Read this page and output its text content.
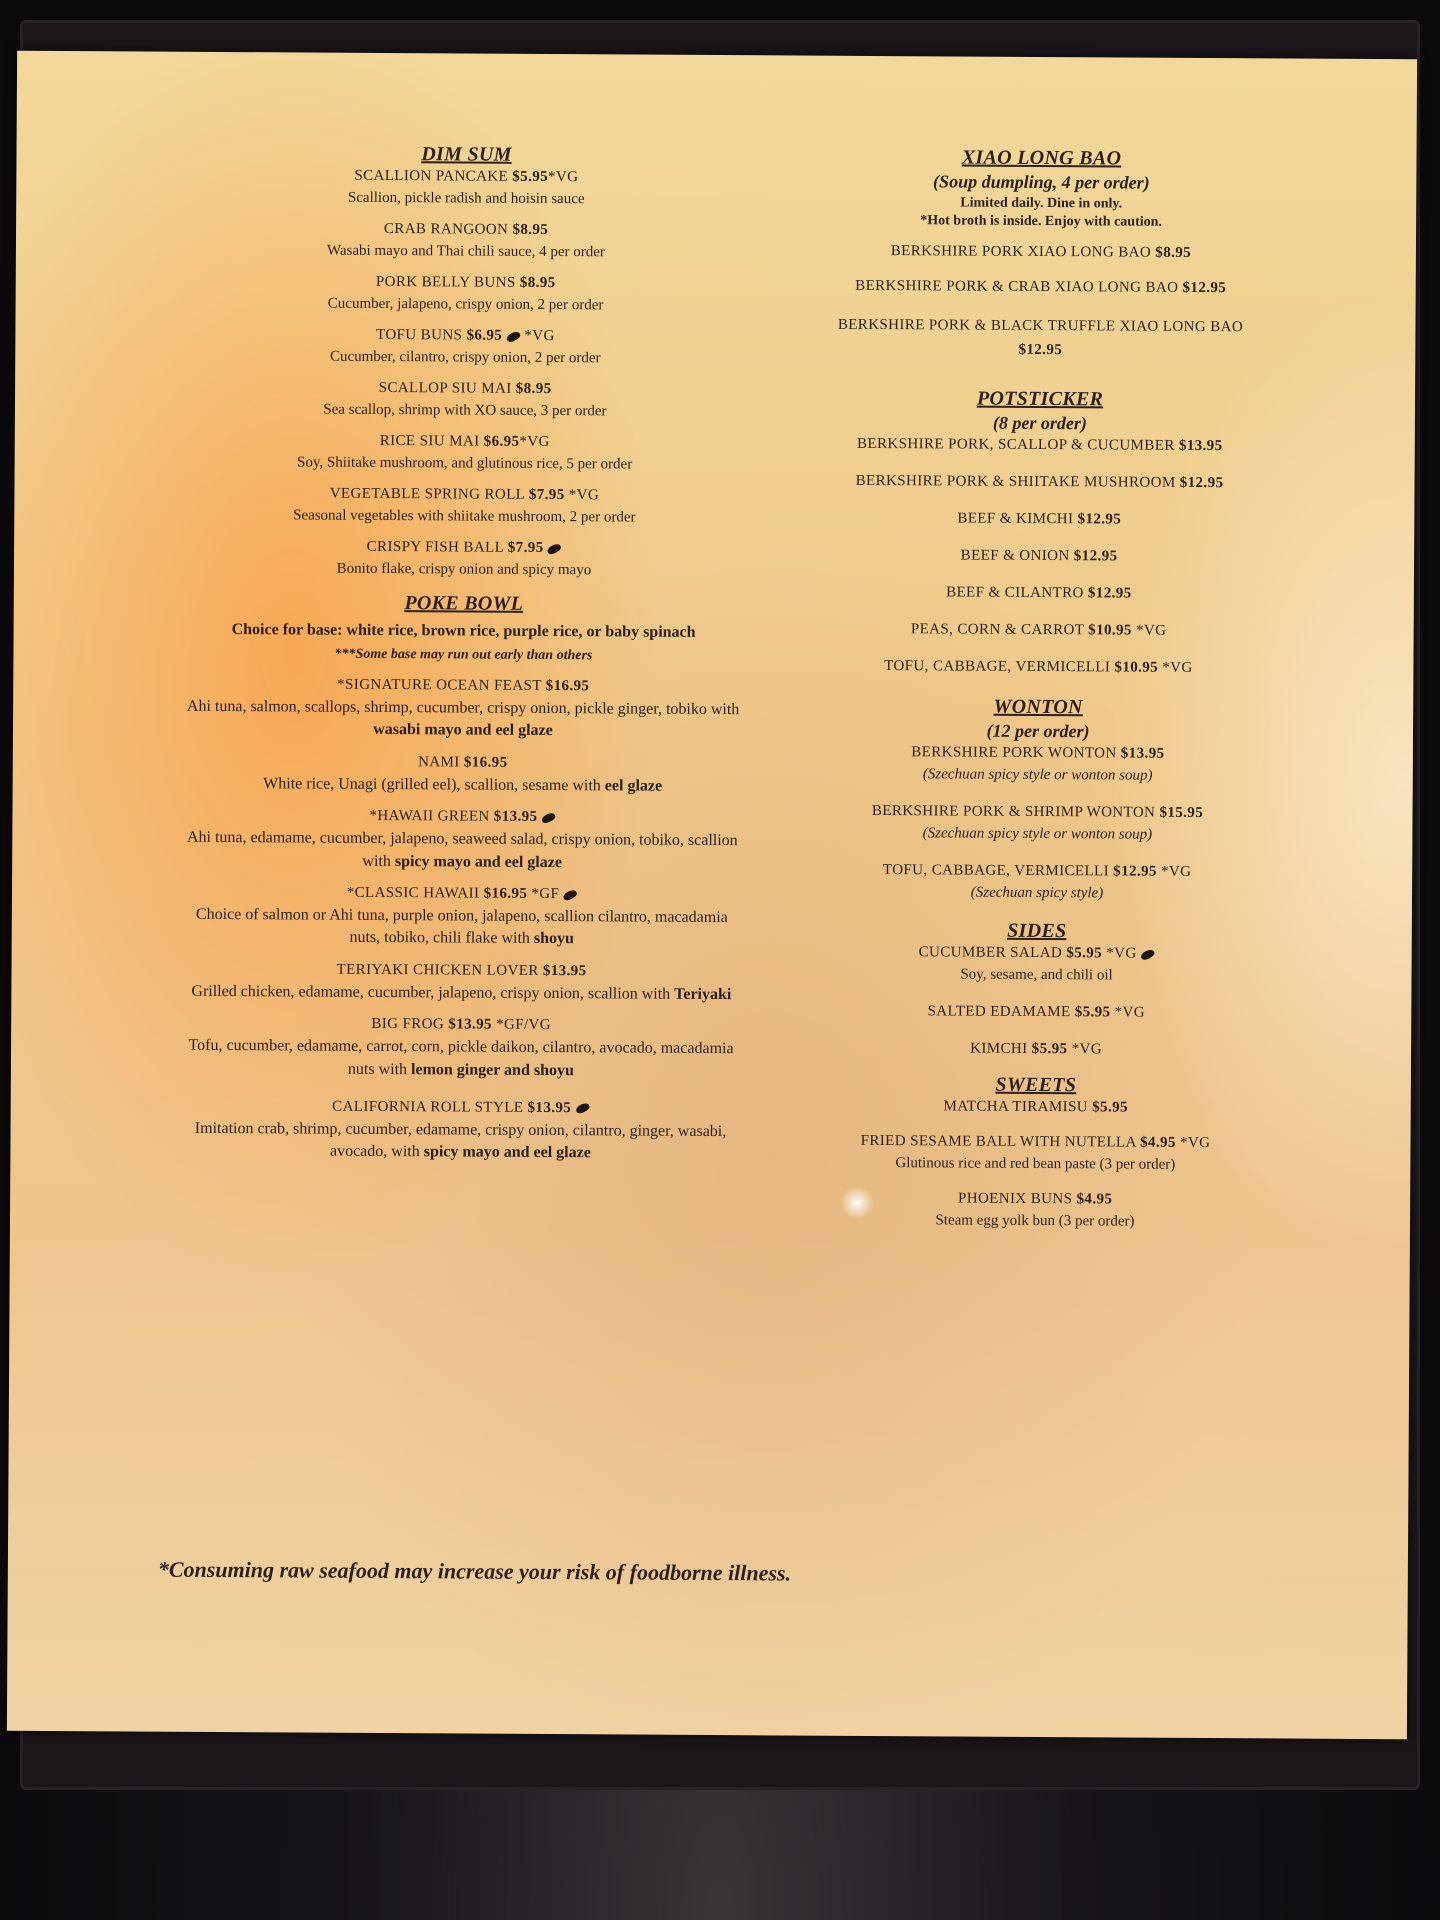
DIM SUM
SCALLION PANCAKE $5.95*VG
Scallion, pickle radish and hoisin sauce
CRAB RANGOON $8.95
Wasabi mayo and Thai chili sauce, 4 per order
PORK BELLY BUNS $8.95
Cucumber, jalapeno, crispy onion, 2 per order
TOFU BUNS $6.95 *VG
Cucumber, cilantro, crispy onion, 2 per order
SCALLOP SIU MAI $8.95
Sea scallop, shrimp with XO sauce, 3 per order
RICE SIU MAI $6.95*VG
Soy, Shiitake mushroom, and glutinous rice, 5 per order
VEGETABLE SPRING ROLL $7.95 *VG
Seasonal vegetables with shiitake mushroom, 2 per order
CRISPY FISH BALL $7.95
Bonito flake, crispy onion and spicy mayo
POKE BOWL
Choice for base: white rice, brown rice, purple rice, or baby spinach
***Some base may run out early than others
*SIGNATURE OCEAN FEAST $16.95
Ahi tuna, salmon, scallops, shrimp, cucumber, crispy onion, pickle ginger, tobiko with wasabi mayo and eel glaze
NAMI $16.95
White rice, Unagi (grilled eel), scallion, sesame with eel glaze
*HAWAII GREEN $13.95
Ahi tuna, edamame, cucumber, jalapeno, seaweed salad, crispy onion, tobiko, scallion with spicy mayo and eel glaze
*CLASSIC HAWAII $16.95 *GF
Choice of salmon or Ahi tuna, purple onion, jalapeno, scallion cilantro, macadamia nuts, tobiko, chili flake with shoyu
TERIYAKI CHICKEN LOVER $13.95
Grilled chicken, edamame, cucumber, jalapeno, crispy onion, scallion with Teriyaki
BIG FROG $13.95 *GF/VG
Tofu, cucumber, edamame, carrot, corn, pickle daikon, cilantro, avocado, macadamia nuts with lemon ginger and shoyu
CALIFORNIA ROLL STYLE $13.95
Imitation crab, shrimp, cucumber, edamame, crispy onion, cilantro, ginger, wasabi, avocado, with spicy mayo and eel glaze
XIAO LONG BAO
(Soup dumpling, 4 per order)
Limited daily. Dine in only.
*Hot broth is inside. Enjoy with caution.
BERKSHIRE PORK XIAO LONG BAO $8.95
BERKSHIRE PORK & CRAB XIAO LONG BAO $12.95
BERKSHIRE PORK & BLACK TRUFFLE XIAO LONG BAO
$12.95
POTSTICKER
(8 per order)
BERKSHIRE PORK, SCALLOP & CUCUMBER $13.95
BERKSHIRE PORK & SHIITAKE MUSHROOM $12.95
BEEF & KIMCHI $12.95
BEEF & ONION $12.95
BEEF & CILANTRO $12.95
PEAS, CORN & CARROT $10.95 *VG
TOFU, CABBAGE, VERMICELLI $10.95 *VG
WONTON
(12 per order)
BERKSHIRE PORK WONTON $13.95
(Szechuan spicy style or wonton soup)
BERKSHIRE PORK & SHRIMP WONTON $15.95
(Szechuan spicy style or wonton soup)
TOFU, CABBAGE, VERMICELLI $12.95 *VG
(Szechuan spicy style)
SIDES
CUCUMBER SALAD $5.95 *VG
Soy, sesame, and chili oil
SALTED EDAMAME $5.95 *VG
KIMCHI $5.95 *VG
SWEETS
MATCHA TIRAMISU $5.95
FRIED SESAME BALL WITH NUTELLA $4.95 *VG
Glutinous rice and red bean paste (3 per order)
PHOENIX BUNS $4.95
Steam egg yolk bun (3 per order)
*Consuming raw seafood may increase your risk of foodborne illness.
